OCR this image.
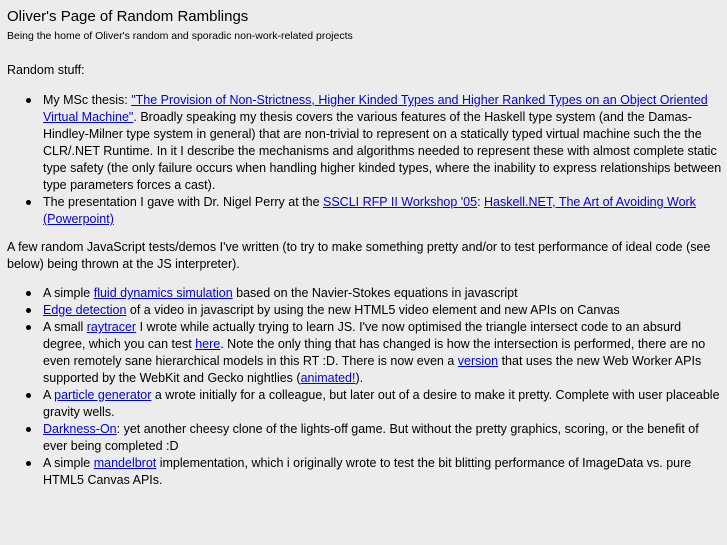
Oliver's Page of Random Ramblings
Being the home of Oliver's random and sporadic non-work-related projects

Random stuff:

My MSc thesis: "The Provision of Non-Strictness, Higher Kinded Types and Higher Ranked Types on an Object Oriented Virtual Machine". Broadly speaking my thesis covers the various features of the Haskell type system (and the Damas-Hindley-Milner type system in general) that are non-trivial to represent on a statically typed virtual machine such the the CLR/.NET Runtime. In it I describe the mechanisms and algorithms needed to represent these with almost complete static type safety (the only failure occurs when handling higher kinded types, where the inability to express relationships between type parameters forces a cast).
The presentation I gave with Dr. Nigel Perry at the SSCLI RFP II Workshop '05: Haskell.NET, The Art of Avoiding Work (Powerpoint)

A few random JavaScript tests/demos I've written (to try to make something pretty and/or to test performance of ideal code (see below) being thrown at the JS interpreter).

A simple fluid dynamics simulation based on the Navier-Stokes equations in javascript
Edge detection of a video in javascript by using the new HTML5 video element and new APIs on Canvas
A small raytracer I wrote while actually trying to learn JS. I've now optimised the triangle intersect code to an absurd degree, which you can test here. Note the only thing that has changed is how the intersection is performed, there are no even remotely sane hierarchical models in this RT :D. There is now even a version that uses the new Web Worker APIs supported by the WebKit and Gecko nightlies (animated!).
A particle generator a wrote initially for a colleague, but later out of a desire to make it pretty. Complete with user placeable gravity wells.
Darkness-On: yet another cheesy clone of the lights-off game. But without the pretty graphics, scoring, or the benefit of ever being completed :D
A simple mandelbrot implementation, which i originally wrote to test the bit blitting performance of ImageData vs. pure HTML5 Canvas APIs.
